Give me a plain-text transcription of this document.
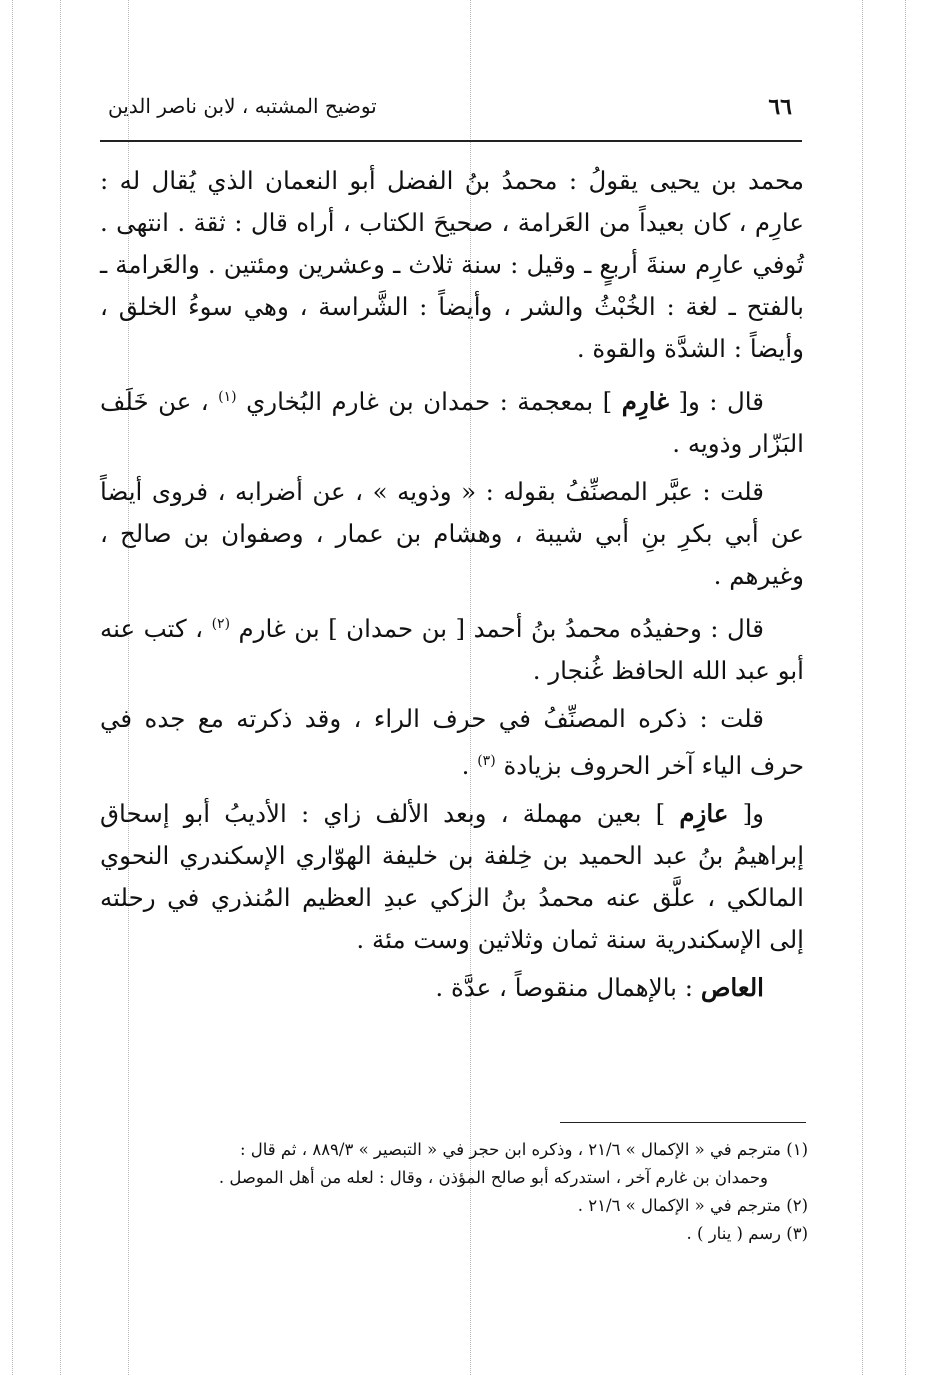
٦٦
توضيح المشتبه ، لابن ناصر الدين

محمد بن يحيى يقولُ : محمدُ بنُ الفضل أبو النعمان الذي يُقال له : عارِم ، كان بعيداً من العَرامة ، صحيحَ الكتاب ، أراه قال : ثقة . انتهى . تُوفي عارِم سنةَ أربعٍ ـ وقيل : سنة ثلاث ـ وعشرين ومئتين . والعَرامة ـ بالفتح ـ لغة : الخُبْثُ والشر ، وأيضاً : الشَّراسة ، وهي سوءُ الخلق ، وأيضاً : الشدَّة والقوة .

قال : و[ غارِم ] بمعجمة : حمدان بن غارم البُخاري $^{(١)}$ ، عن خَلَف البَزّار وذويه .

قلت : عبَّر المصنِّفُ بقوله : « وذويه » ، عن أضرابه ، فروى أيضاً عن أبي بكرِ بنِ أبي شيبة ، وهشام بن عمار ، وصفوان بن صالح ، وغيرهم .

قال : وحفيدُه محمدُ بنُ أحمد [ بن حمدان ] بن غارم $^{(٢)}$ ، كتب عنه أبو عبد الله الحافظ غُنجار .

قلت : ذكره المصنِّفُ في حرف الراء ، وقد ذكرته مع جده في حرف الياء آخر الحروف بزيادة $^{(٣)}$ .

و[ عازِم ] بعين مهملة ، وبعد الألف زاي : الأديبُ أبو إسحاق إبراهيمُ بنُ عبد الحميد بن خِلفة بن خليفة الهوّاري الإسكندري النحوي المالكي ، علَّق عنه محمدُ بنُ الزكي عبدِ العظيم المُنذري في رحلته إلى الإسكندرية سنة ثمان وثلاثين وست مئة .

العاص : بالإهمال منقوصاً ، عدَّة .

(١) مترجم في « الإكمال » ٢١/٦ ، وذكره ابن حجر في « التبصير » ٨٨٩/٣ ، ثم قال :
وحمدان بن غارم آخر ، استدركه أبو صالح المؤذن ، وقال : لعله من أهل الموصل .
(٢) مترجم في « الإكمال » ٢١/٦ .
(٣) رسم ( ينار ) .
